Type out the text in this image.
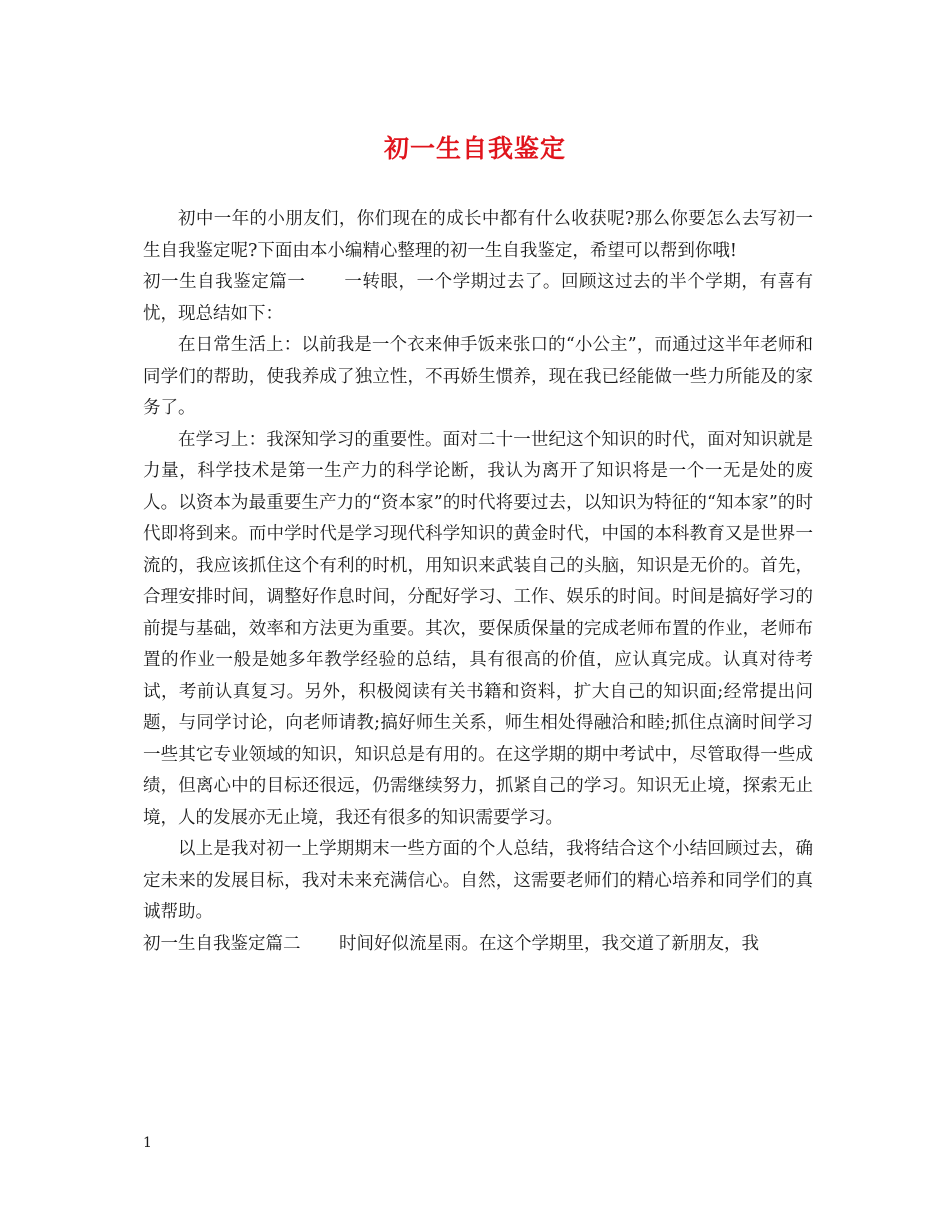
初一生自我鉴定

初中一年的小朋友们，你们现在的成长中都有什么收获呢?那么你要怎么去写初一生自我鉴定呢?下面由本小编精心整理的初一生自我鉴定，希望可以帮到你哦!

初一生自我鉴定篇一 一转眼，一个学期过去了。回顾这过去的半个学期，有喜有忧，现总结如下：

在日常生活上：以前我是一个衣来伸手饭来张口的“小公主”，而通过这半年老师和同学们的帮助，使我养成了独立性，不再娇生惯养，现在我已经能做一些力所能及的家务了。

在学习上：我深知学习的重要性。面对二十一世纪这个知识的时代，面对知识就是力量，科学技术是第一生产力的科学论断，我认为离开了知识将是一个一无是处的废人。以资本为最重要生产力的“资本家”的时代将要过去，以知识为特征的“知本家”的时代即将到来。而中学时代是学习现代科学知识的黄金时代，中国的本科教育又是世界一流的，我应该抓住这个有利的时机，用知识来武装自己的头脑，知识是无价的。首先，合理安排时间，调整好作息时间，分配好学习、工作、娱乐的时间。时间是搞好学习的前提与基础，效率和方法更为重要。其次，要保质保量的完成老师布置的作业，老师布置的作业一般是她多年教学经验的总结，具有很高的价值，应认真完成。认真对待考试，考前认真复习。另外，积极阅读有关书籍和资料，扩大自己的知识面;经常提出问题，与同学讨论，向老师请教;搞好师生关系，师生相处得融洽和睦;抓住点滴时间学习一些其它专业领域的知识，知识总是有用的。在这学期的期中考试中，尽管取得一些成绩，但离心中的目标还很远，仍需继续努力，抓紧自己的学习。知识无止境，探索无止境，人的发展亦无止境，我还有很多的知识需要学习。

以上是我对初一上学期期末一些方面的个人总结，我将结合这个小结回顾过去，确定未来的发展目标，我对未来充满信心。自然，这需要老师们的精心培养和同学们的真诚帮助。

初一生自我鉴定篇二 时间好似流星雨。在这个学期里，我交道了新朋友，我

1
